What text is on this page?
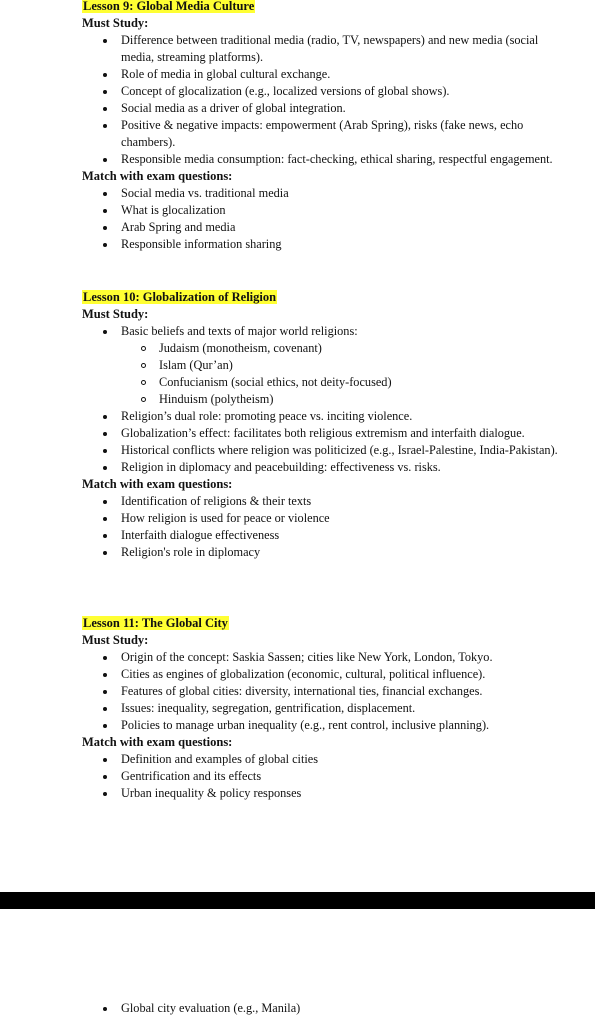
Lesson 9: Global Media Culture
Must Study:
Difference between traditional media (radio, TV, newspapers) and new media (social media, streaming platforms).
Role of media in global cultural exchange.
Concept of glocalization (e.g., localized versions of global shows).
Social media as a driver of global integration.
Positive & negative impacts: empowerment (Arab Spring), risks (fake news, echo chambers).
Responsible media consumption: fact-checking, ethical sharing, respectful engagement.
Match with exam questions:
Social media vs. traditional media
What is glocalization
Arab Spring and media
Responsible information sharing
Lesson 10: Globalization of Religion
Must Study:
Basic beliefs and texts of major world religions:
Judaism (monotheism, covenant)
Islam (Qur’an)
Confucianism (social ethics, not deity-focused)
Hinduism (polytheism)
Religion’s dual role: promoting peace vs. inciting violence.
Globalization’s effect: facilitates both religious extremism and interfaith dialogue.
Historical conflicts where religion was politicized (e.g., Israel-Palestine, India-Pakistan).
Religion in diplomacy and peacebuilding: effectiveness vs. risks.
Match with exam questions:
Identification of religions & their texts
How religion is used for peace or violence
Interfaith dialogue effectiveness
Religion's role in diplomacy
Lesson 11: The Global City
Must Study:
Origin of the concept: Saskia Sassen; cities like New York, London, Tokyo.
Cities as engines of globalization (economic, cultural, political influence).
Features of global cities: diversity, international ties, financial exchanges.
Issues: inequality, segregation, gentrification, displacement.
Policies to manage urban inequality (e.g., rent control, inclusive planning).
Match with exam questions:
Definition and examples of global cities
Gentrification and its effects
Urban inequality & policy responses
Global city evaluation (e.g., Manila)
